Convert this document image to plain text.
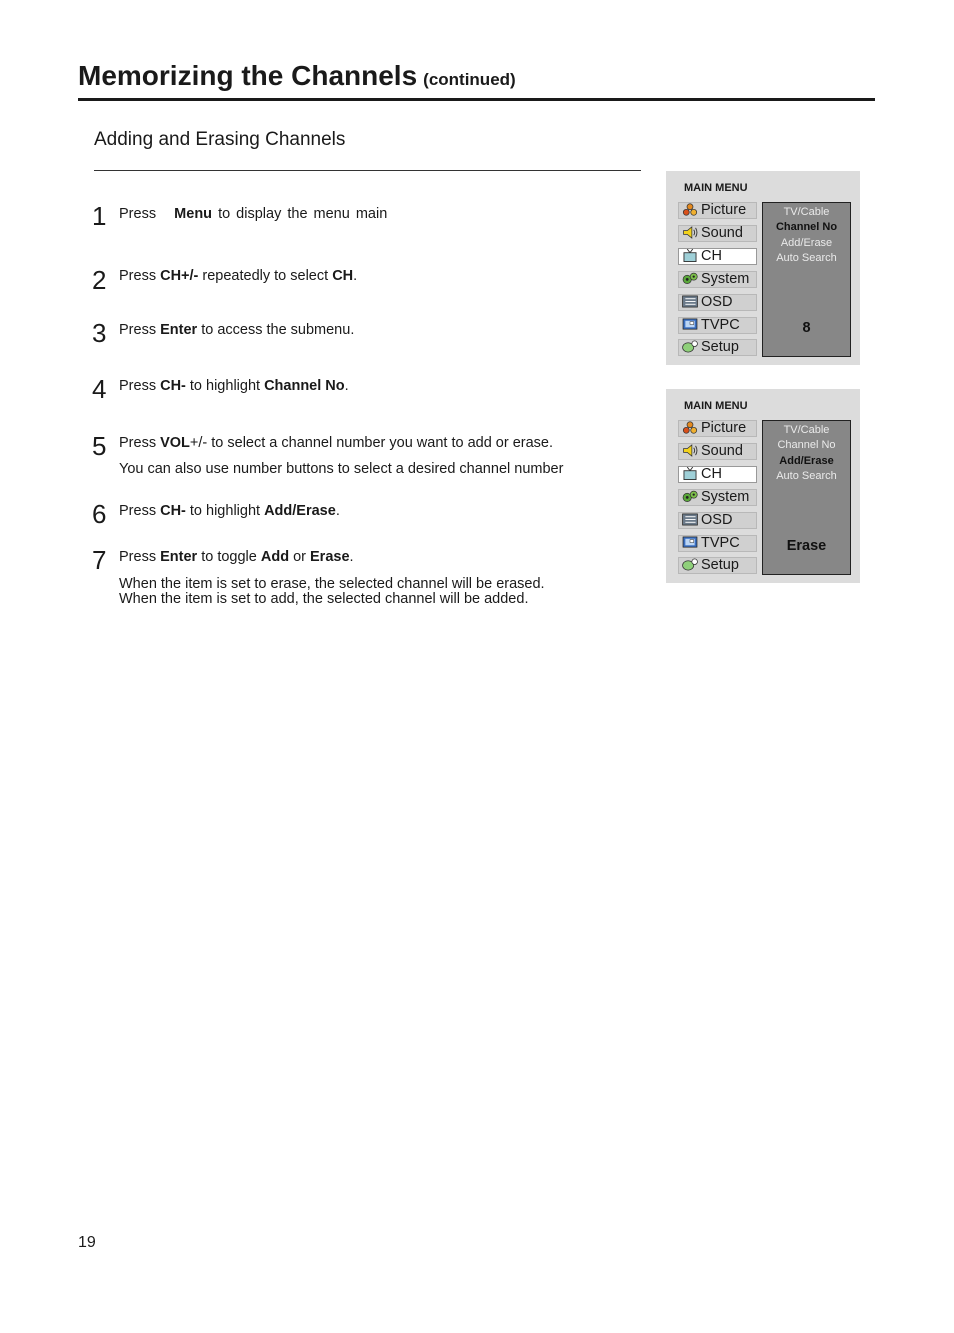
Memorizing the Channels (continued)
Adding and Erasing Channels
1 Press Menu to display the menu main
2 Press CH+/- repeatedly to select CH.
3 Press Enter to access the submenu.
4 Press CH- to highlight Channel No.
5 Press VOL+/- to select a channel number you want to add or erase.
You can also use number buttons to select a desired channel number
6 Press CH- to highlight Add/Erase.
7 Press Enter to toggle Add or Erase.
When the item is set to erase, the selected channel will be erased.
When the item is set to add, the selected channel will be added.
MAIN MENU
Picture
Sound
CH
System
OSD
TVPC
Setup
TV/Cable
Channel No
Add/Erase
Auto Search
8
MAIN MENU
Picture
Sound
CH
System
OSD
TVPC
Setup
TV/Cable
Channel No
Add/Erase
Auto Search
Erase
19
